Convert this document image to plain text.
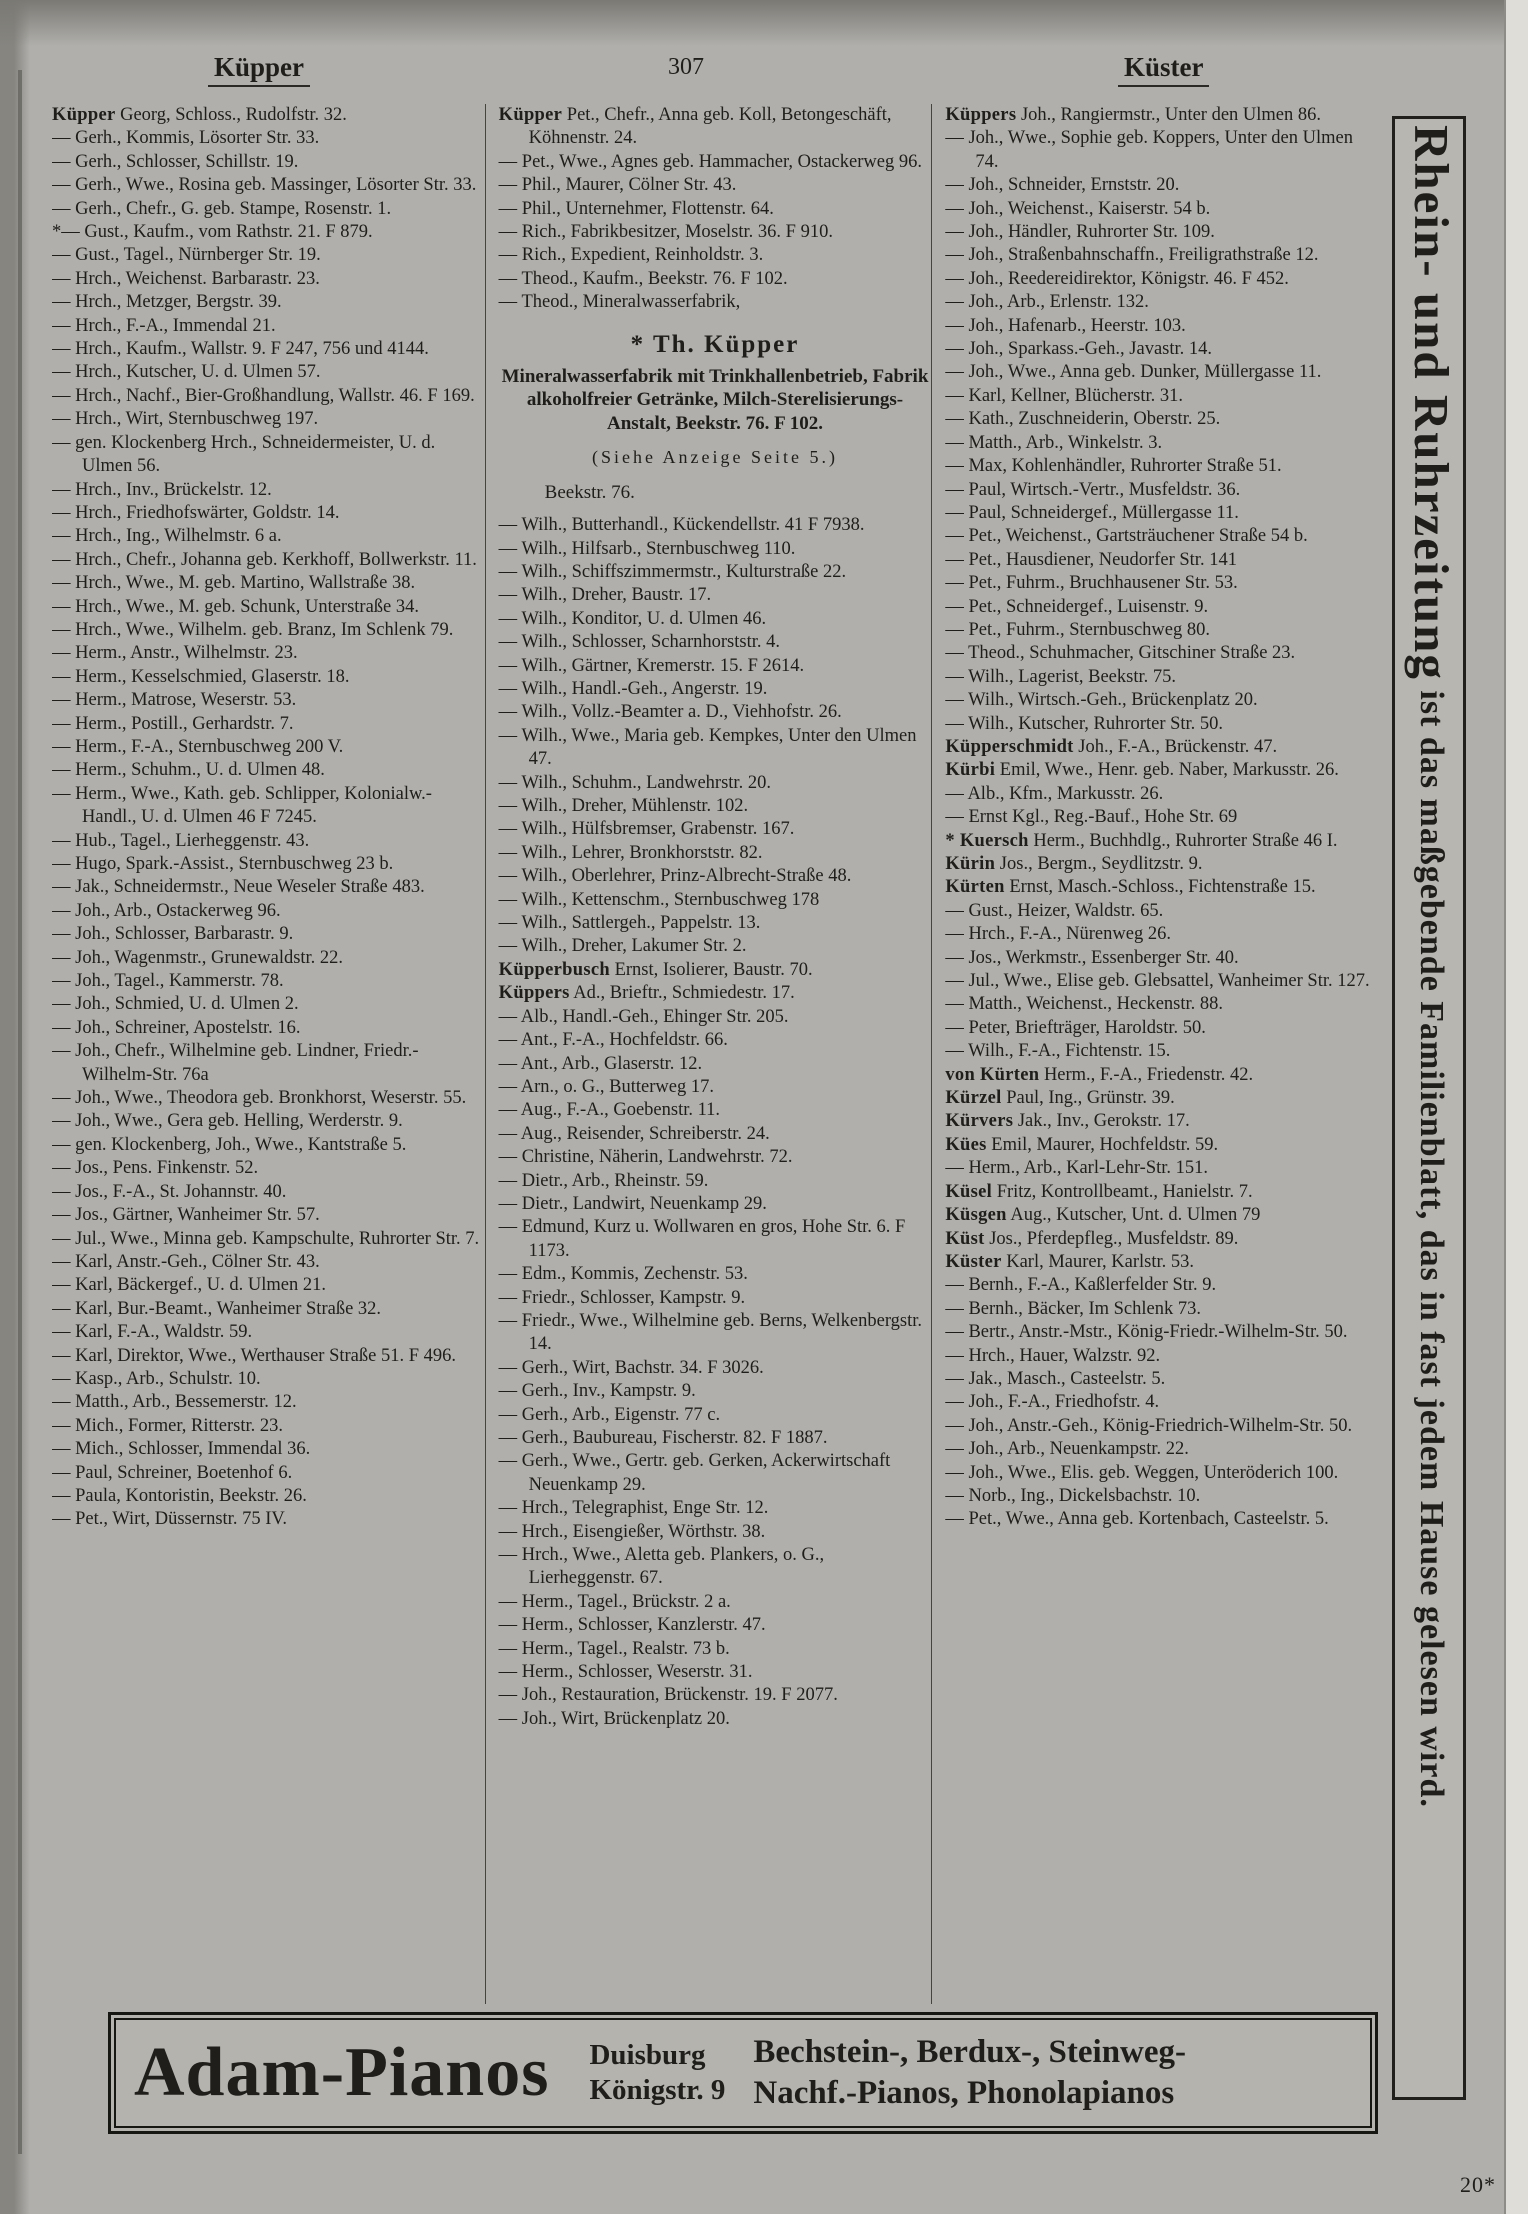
Küpper	307	Küster

Küpper Georg, Schloss., Rudolfstr. 32.

— Gerh., Kommis, Lösorter Str. 33.

— Gerh., Schlosser, Schillstr. 19.

— Gerh., Wwe., Rosina geb. Massinger, Lösorter Str. 33.

— Gerh., Chefr., G. geb. Stampe, Rosenstr. 1.

*— Gust., Kaufm., vom Rathstr. 21. F 879.

— Gust., Tagel., Nürnberger Str. 19.

— Hrch., Weichenst. Barbarastr. 23.

— Hrch., Metzger, Bergstr. 39.

— Hrch., F.-A., Immendal 21.

— Hrch., Kaufm., Wallstr. 9. F 247, 756 und 4144.

— Hrch., Kutscher, U. d. Ulmen 57.

— Hrch., Nachf., Bier-Großhandlung, Wallstr. 46. F 169.

— Hrch., Wirt, Sternbuschweg 197.

— gen. Klockenberg Hrch., Schneidermeister, U. d. Ulmen 56.

— Hrch., Inv., Brückelstr. 12.

— Hrch., Friedhofswärter, Goldstr. 14.

— Hrch., Ing., Wilhelmstr. 6 a.

— Hrch., Chefr., Johanna geb. Kerkhoff, Bollwerkstr. 11.

— Hrch., Wwe., M. geb. Martino, Wallstraße 38.

— Hrch., Wwe., M. geb. Schunk, Unterstraße 34.

— Hrch., Wwe., Wilhelm. geb. Branz, Im Schlenk 79.

— Herm., Anstr., Wilhelmstr. 23.

— Herm., Kesselschmied, Glaserstr. 18.

— Herm., Matrose, Weserstr. 53.

— Herm., Postill., Gerhardstr. 7.

— Herm., F.-A., Sternbuschweg 200 V.

— Herm., Schuhm., U. d. Ulmen 48.

— Herm., Wwe., Kath. geb. Schlipper, Kolonialw.-Handl., U. d. Ulmen 46 F 7245.

— Hub., Tagel., Lierheggenstr. 43.

— Hugo, Spark.-Assist., Sternbuschweg 23 b.

— Jak., Schneidermstr., Neue Weseler Straße 483.

— Joh., Arb., Ostackerweg 96.

— Joh., Schlosser, Barbarastr. 9.

— Joh., Wagenmstr., Grunewaldstr. 22.

— Joh., Tagel., Kammerstr. 78.

— Joh., Schmied, U. d. Ulmen 2.

— Joh., Schreiner, Apostelstr. 16.

— Joh., Chefr., Wilhelmine geb. Lindner, Friedr.-Wilhelm-Str. 76a

— Joh., Wwe., Theodora geb. Bronkhorst, Weserstr. 55.

— Joh., Wwe., Gera geb. Helling, Werderstr. 9.

— gen. Klockenberg, Joh., Wwe., Kantstraße 5.

— Jos., Pens. Finkenstr. 52.

— Jos., F.-A., St. Johannstr. 40.

— Jos., Gärtner, Wanheimer Str. 57.

— Jul., Wwe., Minna geb. Kampschulte, Ruhrorter Str. 7.

— Karl, Anstr.-Geh., Cölner Str. 43.

— Karl, Bäckergef., U. d. Ulmen 21.

— Karl, Bur.-Beamt., Wanheimer Straße 32.

— Karl, F.-A., Waldstr. 59.

— Karl, Direktor, Wwe., Werthauser Straße 51. F 496.

— Kasp., Arb., Schulstr. 10.

— Matth., Arb., Bessemerstr. 12.

— Mich., Former, Ritterstr. 23.

— Mich., Schlosser, Immendal 36.

— Paul, Schreiner, Boetenhof 6.

— Paula, Kontoristin, Beekstr. 26.

— Pet., Wirt, Düssernstr. 75 IV.

Küpper Pet., Chefr., Anna geb. Koll, Betongeschäft, Köhnenstr. 24.

— Pet., Wwe., Agnes geb. Hammacher, Ostackerweg 96.

— Phil., Maurer, Cölner Str. 43.

— Phil., Unternehmer, Flottenstr. 64.

— Rich., Fabrikbesitzer, Moselstr. 36. F 910.

— Rich., Expedient, Reinholdstr. 3.

— Theod., Kaufm., Beekstr. 76. F 102.

— Theod., Mineralwasserfabrik,

* Th. Küpper

Mineralwasserfabrik mit Trinkhallenbetrieb, Fabrik alkoholfreier Getränke, Milch-Sterelisierungs-Anstalt, Beekstr. 76. F 102.

(Siehe Anzeige Seite 5.)

Beekstr. 76.

— Wilh., Butterhandl., Kückendellstr. 41 F 7938.

— Wilh., Hilfsarb., Sternbuschweg 110.

— Wilh., Schiffszimmermstr., Kulturstraße 22.

— Wilh., Dreher, Baustr. 17.

— Wilh., Konditor, U. d. Ulmen 46.

— Wilh., Schlosser, Scharnhorststr. 4.

— Wilh., Gärtner, Kremerstr. 15. F 2614.

— Wilh., Handl.-Geh., Angerstr. 19.

— Wilh., Vollz.-Beamter a. D., Viehhofstr. 26.

— Wilh., Wwe., Maria geb. Kempkes, Unter den Ulmen 47.

— Wilh., Schuhm., Landwehrstr. 20.

— Wilh., Dreher, Mühlenstr. 102.

— Wilh., Hülfsbremser, Grabenstr. 167.

— Wilh., Lehrer, Bronkhorststr. 82.

— Wilh., Oberlehrer, Prinz-Albrecht-Straße 48.

— Wilh., Kettenschm., Sternbuschweg 178

— Wilh., Sattlergeh., Pappelstr. 13.

— Wilh., Dreher, Lakumer Str. 2.

Küpperbusch Ernst, Isolierer, Baustr. 70.

Küppers Ad., Brieftr., Schmiedestr. 17.

— Alb., Handl.-Geh., Ehinger Str. 205.

— Ant., F.-A., Hochfeldstr. 66.

— Ant., Arb., Glaserstr. 12.

— Arn., o. G., Butterweg 17.

— Aug., F.-A., Goebenstr. 11.

— Aug., Reisender, Schreiberstr. 24.

— Christine, Näherin, Landwehrstr. 72.

— Dietr., Arb., Rheinstr. 59.

— Dietr., Landwirt, Neuenkamp 29.

— Edmund, Kurz u. Wollwaren en gros, Hohe Str. 6. F 1173.

— Edm., Kommis, Zechenstr. 53.

— Friedr., Schlosser, Kampstr. 9.

— Friedr., Wwe., Wilhelmine geb. Berns, Welkenbergstr. 14.

— Gerh., Wirt, Bachstr. 34. F 3026.

— Gerh., Inv., Kampstr. 9.

— Gerh., Arb., Eigenstr. 77 c.

— Gerh., Baubureau, Fischerstr. 82. F 1887.

— Gerh., Wwe., Gertr. geb. Gerken, Ackerwirtschaft Neuenkamp 29.

— Hrch., Telegraphist, Enge Str. 12.

— Hrch., Eisengießer, Wörthstr. 38.

— Hrch., Wwe., Aletta geb. Plankers, o. G., Lierheggenstr. 67.

— Herm., Tagel., Brückstr. 2 a.

— Herm., Schlosser, Kanzlerstr. 47.

— Herm., Tagel., Realstr. 73 b.

— Herm., Schlosser, Weserstr. 31.

— Joh., Restauration, Brückenstr. 19. F 2077.

— Joh., Wirt, Brückenplatz 20.

Küppers Joh., Rangiermstr., Unter den Ulmen 86.

— Joh., Wwe., Sophie geb. Koppers, Unter den Ulmen 74.

— Joh., Schneider, Ernststr. 20.

— Joh., Weichenst., Kaiserstr. 54 b.

— Joh., Händler, Ruhrorter Str. 109.

— Joh., Straßenbahnschaffn., Freiligrathstraße 12.

— Joh., Reedereidirektor, Königstr. 46. F 452.

— Joh., Arb., Erlenstr. 132.

— Joh., Hafenarb., Heerstr. 103.

— Joh., Sparkass.-Geh., Javastr. 14.

— Joh., Wwe., Anna geb. Dunker, Müllergasse 11.

— Karl, Kellner, Blücherstr. 31.

— Kath., Zuschneiderin, Oberstr. 25.

— Matth., Arb., Winkelstr. 3.

— Max, Kohlenhändler, Ruhrorter Straße 51.

— Paul, Wirtsch.-Vertr., Musfeldstr. 36.

— Paul, Schneidergef., Müllergasse 11.

— Pet., Weichenst., Gartsträuchener Straße 54 b.

— Pet., Hausdiener, Neudorfer Str. 141

— Pet., Fuhrm., Bruchhausener Str. 53.

— Pet., Schneidergef., Luisenstr. 9.

— Pet., Fuhrm., Sternbuschweg 80.

— Theod., Schuhmacher, Gitschiner Straße 23.

— Wilh., Lagerist, Beekstr. 75.

— Wilh., Wirtsch.-Geh., Brückenplatz 20.

— Wilh., Kutscher, Ruhrorter Str. 50.

Küpperschmidt Joh., F.-A., Brückenstr. 47.

Kürbi Emil, Wwe., Henr. geb. Naber, Markusstr. 26.

— Alb., Kfm., Markusstr. 26.

— Ernst Kgl., Reg.-Bauf., Hohe Str. 69

* Kuersch Herm., Buchhdlg., Ruhrorter Straße 46 I.

Kürin Jos., Bergm., Seydlitzstr. 9.

Kürten Ernst, Masch.-Schloss., Fichtenstraße 15.

— Gust., Heizer, Waldstr. 65.

— Hrch., F.-A., Nürenweg 26.

— Jos., Werkmstr., Essenberger Str. 40.

— Jul., Wwe., Elise geb. Glebsattel, Wanheimer Str. 127.

— Matth., Weichenst., Heckenstr. 88.

— Peter, Briefträger, Haroldstr. 50.

— Wilh., F.-A., Fichtenstr. 15.

von Kürten Herm., F.-A., Friedenstr. 42.

Kürzel Paul, Ing., Grünstr. 39.

Kürvers Jak., Inv., Gerokstr. 17.

Kües Emil, Maurer, Hochfeldstr. 59.

— Herm., Arb., Karl-Lehr-Str. 151.

Küsel Fritz, Kontrollbeamt., Hanielstr. 7.

Küsgen Aug., Kutscher, Unt. d. Ulmen 79

Küst Jos., Pferdepfleg., Musfeldstr. 89.

Küster Karl, Maurer, Karlstr. 53.

— Bernh., F.-A., Kaßlerfelder Str. 9.

— Bernh., Bäcker, Im Schlenk 73.

— Bertr., Anstr.-Mstr., König-Friedr.-Wilhelm-Str. 50.

— Hrch., Hauer, Walzstr. 92.

— Jak., Masch., Casteelstr. 5.

— Joh., F.-A., Friedhofstr. 4.

— Joh., Anstr.-Geh., König-Friedrich-Wilhelm-Str. 50.

— Joh., Arb., Neuenkampstr. 22.

— Joh., Wwe., Elis. geb. Weggen, Unteröderich 100.

— Norb., Ing., Dickelsbachstr. 10.

— Pet., Wwe., Anna geb. Kortenbach, Casteelstr. 5.

Adam-Pianos Duisburg
Königstr. 9
Bechstein-, Berdux-, Steinweg-
Nachf.-Pianos, Phonolapianos
Rhein- und Ruhrzeitung ist das maßgebende Familienblatt, das in fast jedem Hause gelesen wird.
20*
